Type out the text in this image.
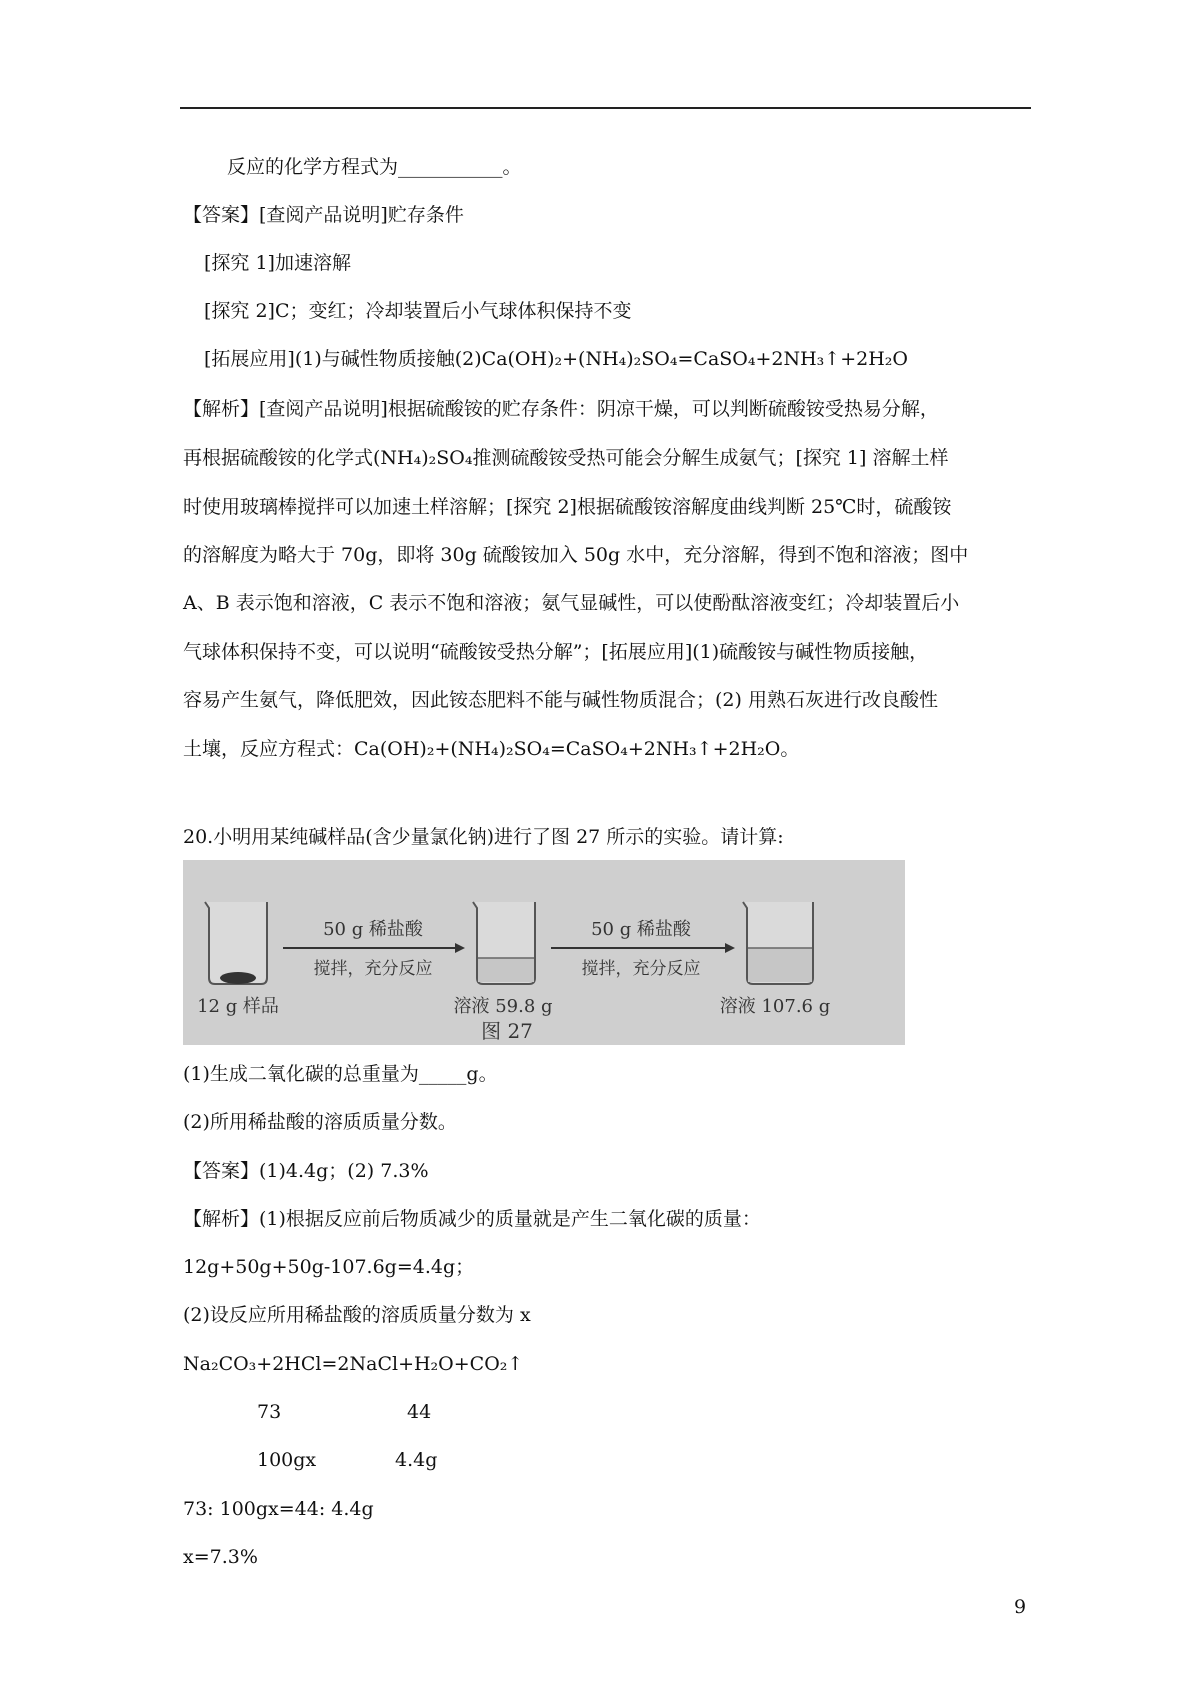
反应的化学方程式为___________。
【答案】[查阅产品说明]贮存条件
[探究 1]加速溶解
[探究 2]C；变红；冷却装置后小气球体积保持不变
[拓展应用](1)与碱性物质接触(2)Ca(OH)₂+(NH₄)₂SO₄=CaSO₄+2NH₃↑+2H₂O
【解析】[查阅产品说明]根据硫酸铵的贮存条件：阴凉干燥，可以判断硫酸铵受热易分解，
再根据硫酸铵的化学式(NH₄)₂SO₄推测硫酸铵受热可能会分解生成氨气；[探究 1] 溶解土样
时使用玻璃棒搅拌可以加速土样溶解；[探究 2]根据硫酸铵溶解度曲线判断 25℃时，硫酸铵
的溶解度为略大于 70g，即将 30g 硫酸铵加入 50g 水中，充分溶解，得到不饱和溶液；图中
A、B 表示饱和溶液，C 表示不饱和溶液；氨气显碱性，可以使酚酞溶液变红；冷却装置后小
气球体积保持不变，可以说明“硫酸铵受热分解”；[拓展应用](1)硫酸铵与碱性物质接触，
容易产生氨气，降低肥效，因此铵态肥料不能与碱性物质混合；(2) 用熟石灰进行改良酸性
土壤，反应方程式：Ca(OH)₂+(NH₄)₂SO₄=CaSO₄+2NH₃↑+2H₂O。
20.小明用某纯碱样品(含少量氯化钠)进行了图 27 所示的实验。请计算:
50 g 稀盐酸
搅拌，充分反应
50 g 稀盐酸
搅拌，充分反应
12 g 样品	溶液 59.8 g	溶液 107.6 g
图 27
(1)生成二氧化碳的总重量为_____g。
(2)所用稀盐酸的溶质质量分数。
【答案】(1)4.4g；(2) 7.3%
【解析】(1)根据反应前后物质减少的质量就是产生二氧化碳的质量：
12g+50g+50g-107.6g=4.4g；
(2)设反应所用稀盐酸的溶质质量分数为 x
Na₂CO₃+2HCl=2NaCl+H₂O+CO₂↑
73	44
100gx	4.4g
73: 100gx=44: 4.4g
x=7.3%
9
